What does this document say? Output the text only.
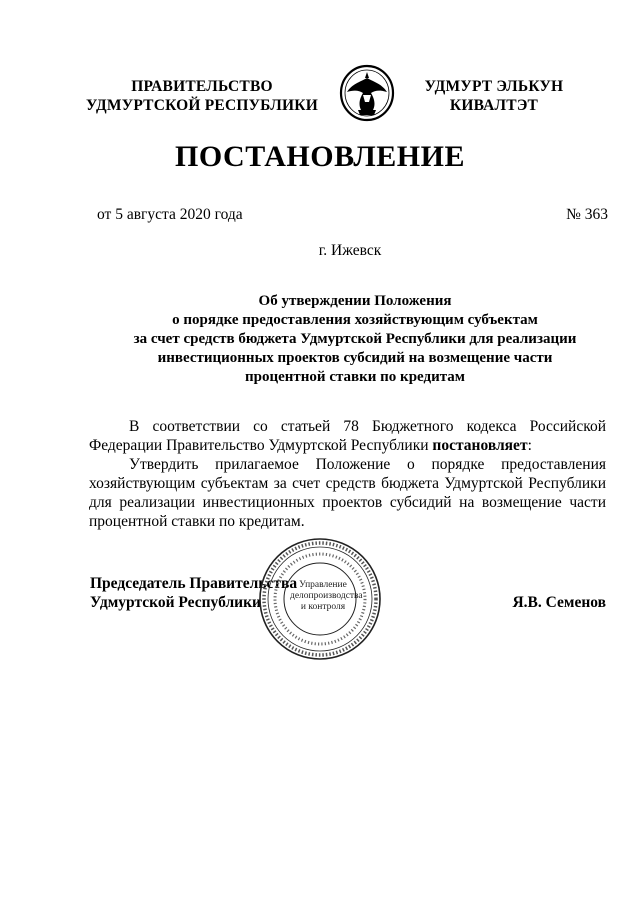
ПРАВИТЕЛЬСТВО
УДМУРТСКОЙ РЕСПУБЛИКИ
УДМУРТ ЭЛЬКУН
КИВАЛТЭТ
ПОСТАНОВЛЕНИЕ
от 5 августа 2020 года	№ 363
г. Ижевск
Об утверждении Положения
о порядке предоставления хозяйствующим субъектам
за счет средств бюджета Удмуртской Республики для реализации
инвестиционных проектов субсидий на возмещение части
процентной ставки по кредитам

В соответствии со статьей 78 Бюджетного кодекса Российской Федерации Правительство Удмуртской Республики постановляет:

Утвердить прилагаемое Положение о порядке предоставления хозяйствующим субъектам за счет средств бюджета Удмуртской Республики для реализации инвестиционных проектов субсидий на возмещение части процентной ставки по кредитам.

Председатель Правительства
Удмуртской Республики
Управление
делопроизводства
и контроля	Я.В. Семенов
